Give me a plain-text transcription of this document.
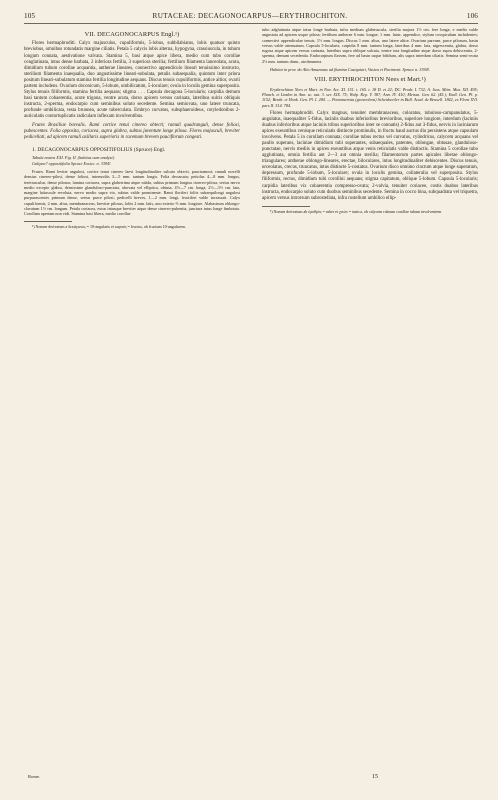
105	RUTACEAE: DECAGONOCARPUS—ERYTHROCHITON.	106
VII. DECAGONOCARPUS Engl.¹)

Flores hermaphroditi. Calyx majusculus, cupuliformis, 5-lobus, subbilabiatus, lobis quatuor quinto breviobus, omnibus rotundatis margine ciliatis. Petala 5 calycis lobis alterna, hypogyna, crassiuscula, in tubum longum connata, aestivatione valvata. Stamina 5, basi atque apice libera, medio cum tubo corollae conglutinata, intus dense barbata, 2 inferiora fertilia, 3 superiora sterilia; fertilium filamenta lanceolata, acuta, dimidium tubum corollae acquantia, antherae lineares, connectivo appendiculo lineari tenuissimo instructo, sterilium filamenta inaequalia, duo angustissime lineari-subulata, petalis subaequalia, quintum inter priora positum lineari-subulatum stamina fertilia longitudine aequans. Discus tenuis cupuliformis, antice altior, ovarii partem includens. Ovarium obconicum, 5-lobum, umbilicatum, 5-loculare; ovula in loculis gemina superposita. Stylus tenuis filiformis, stamina fertilia aequans; stigma . . . Capsula decagona 5-locularis; carpidia demum basi tantum cohaerentia, acute trigona, ventre acuta, dorso apicem versus carinata, lateribus sulcis obliquis instructa, 2-sperma, endocarpio cum seminibus soluto secedente. Semina semiovata, uno latere truncata, profunde umbilicata, testa brunnea, acute tuberculata. Embryo curvatus, subsphaeroideus, cotyledonibus 2-auriculatis contortuplicatis radiculam inflexam involventibus.

Frutex Brasiliae borealis. Rami cortice tenui cinereo obtecti; ramuli quadranguli, dense foliosi, pubescentes. Folia opposita, coriacea, supra glabra, subtus juventute longe pilosa. Flores majusculi, breviter pedicellati, ad apicem ramuli axillaris superioris in racemum brevem pauciflorum congesti.

1. DECAGONOCARPUS OPPOSITIFOLIUS (Spruce) Engl.

Tabula nostra XXI. Fig. II. (habitus cum analysi).

Galipea? oppositifolia Spruce Exsicc. n. 3394!.

Frutex. Rami leviter angulosi, cortice tenui cinereo laevi longitudinaliter sulcato obtecti, pauciramosi; ramuli novelli densius cinereo-pilosi, dense foliosi, internodiis 3—5 mm. tantum longis. Folia decussata; petiolus 4—8 mm. longus, teretiusculus, dense pilosus; lamina coriacea, supra glaberrima atque nitida, subtus primum longius cinereo-pilosa, serius nervo medio excepto glabra, densissime glanduloso-punctata, obovata vel elliptica, obtusa, 4½—7 cm. longa, 2½—3½ cm. lata, margine latiuscule revoluta, nervo medio supra vix, subtus valde prominente. Rami floriferi foliis subaequilongi angulosi purpurascentes primum dense, serius parce pilosi; pedicelli breves, 1—2 mm. longi, fructiferi valde incrassati. Calyx cupuliformis, 2 mm. altus, membranaceus, breviter pilosus, lobis 2 mm. latis, uno exterio ⅔ mm. longiore. Alabastrum oblongo-clavatum 1½ cm. longum. Petala coriacea, extus intusque breviter atque dense cinereo-pubentia, junctura intus longe fimbriata. Corollam apertam non vidi. Stamina basi libera, medio corollae

¹) Nomen derivatum a δεκάγωνος = 10-angularis et καρπός = fructus, ob fructum 10-angularem.

tubo adglutinata atque intus longe barbata, infra medium glabriuscula, sterilia majora 1½ cm. fere longa, e medio valde angustata ad apicem usque pilosa; fertilium antherae 6 mm. longae, 1 mm. latae, appendice, stylum cosspiculum includentes; connectivi appendiculae tenuis, 1½ mm. longus. Discus 1 mm. altus, uno latere altior. Ovarium parvum, parce pilosum, basin versus valde attenuatum. Capsula 5-locularis; carpidia 8 mm. tantum longa, lateribus 4 mm. lata, nigrescentia, glabra, dorso rugosa atque apicem versus carinata, lateribus supra oblique sulcata, ventre tota longitudine atque dorso supra dehiscentia, 2-sperma, demum secedentia. Endocarpium flavum, fere ad basin usque bifidum, alis supra interdum ciliatis. Semina semi-ovata 2½ mm. tantum diam., atrobrunnea.

Habitat in prov. do Alto Amazonas ad flumina Casiquiari, Vasiva et Pacimoni: Spruce n. 3394!.

VIII. ERYTHROCHITON Nees et Mart.¹)

Erythrochiton Nees et Mart. in Nov. Act. XI. 151. t. 165. t. 18 D. et 22; DC. Prodr. I. 732; A. Juss. Mém. Mus. XII. 495; Planch. et Linden in Ann. sc. nat. 3. ser. XIX. 75; Walp. Rep. V. 387; Ann. IV. 410; Meissn. Gen. 62. (45.); Endl. Gen. Pl. p. 1152; Benth. et Hook. Gen. Pl. I. 284. — Pentamerista (graveolens) Scheidweiler in Bull. Acad. de Bruxell. 1842, ex Flora XVI. pars II. 514. 784.

Flores hermaphroditi. Calyx magnus, tenuiter membranaceus, coloratus, tubuloso-campanulatus, 5-angulatus, inaequaliter 5-fidus, laciniis duabus inferioribus brevioribus, superiore longiore, interdum (laciniis duabus inferioribus atque laciniis tribus superioribus inter se connatis) 2-fidus aut 3-fidus, nervis in laciniarum apices exeuntibus venisque reticulatis distincte prominulis, in fructu haud auctus diu persistens atque capsulam involvens. Petala 5 in corollam connata; corollae tubus rectus vel curvatus, cylindricus, calycem acquans vel paullo superans, laciniae dimidium tubi superantes, subaequales, patentes, oblongae, obtusae, glanduloso-punctatae, nervis mediis in apices exeuntibus atque venis reticulatis valde distinctis. Stamina 5 corollae tubo agglutinata, omnia fertilia aut 2—3 aut omnia sterilia; filamentorum partes apicales liberae oblongo-triangulares; antherae oblongo-lineares, erectae, biloculares, intus longitudinaliter dehiscentes. Discus tenuis, urceolatus, crecus, truncatus, intus distincte 5-costatus. Ovarium disco omnino cinctum atque longe superatum, depressum, profunde 5-lobum, 5-loculare; ovula in loculis gemina, collateralia vel superposita. Stylus filiformis, rectus, dimidium tubi corollini aequans; stigma capitatum, oblique 5-lobum. Capsula 5-locularis; carpidia lateribus vix cohaerentia compresso-ovata; 2-valvia, tenuiter coriacee, costis duabus lateribus instructa, endocarpio soluto cum duobus seminibus secedente. Semina in cocco bina, subquadrata vel triquetra, apicem versus introrsum subrostellata, infra rostellum umbilico ellip-

¹) Nomen derivatum ab ἐρυθρός = ruber et χιτών = tunica, ob calycem rubrum corollae tubum involventem.

Rome.	15
